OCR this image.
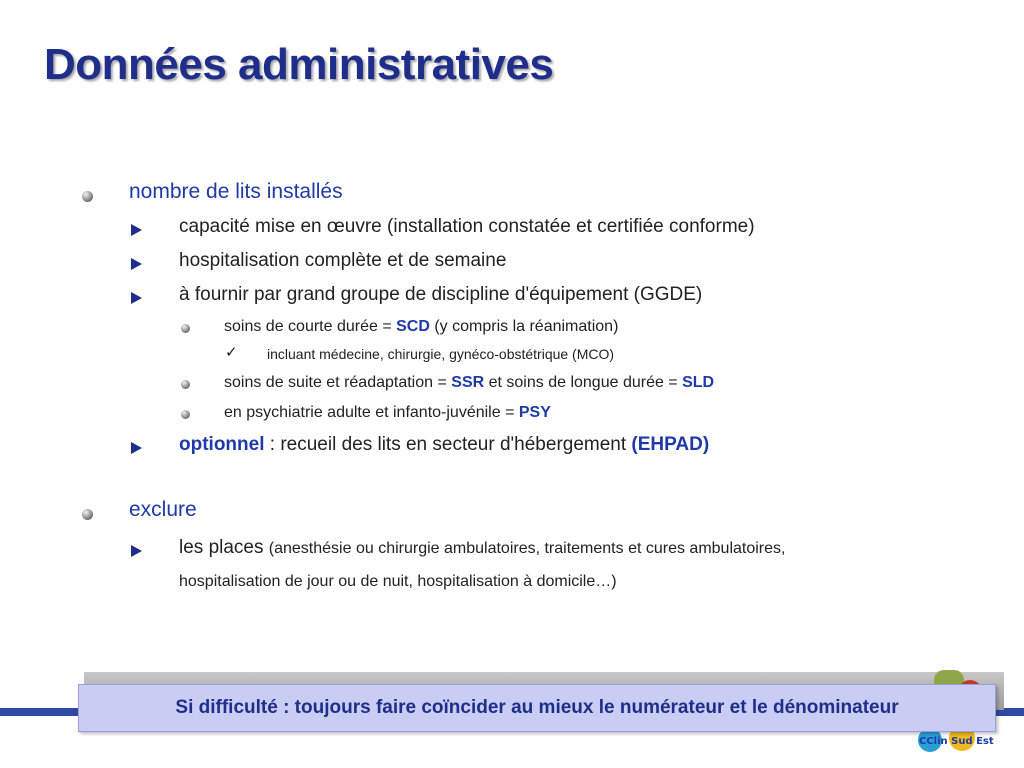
Données administratives
nombre de lits installés
capacité mise en œuvre (installation constatée et certifiée conforme)
hospitalisation complète et de semaine
à fournir par grand groupe de discipline d'équipement (GGDE)
soins de courte durée = SCD (y compris la réanimation)
✓ incluant médecine, chirurgie, gynéco-obstétrique (MCO)
soins de suite et réadaptation = SSR et soins de longue durée = SLD
en psychiatrie adulte et infanto-juvénile = PSY
optionnel : recueil des lits en secteur d'hébergement (EHPAD)
exclure
les places (anesthésie ou chirurgie ambulatoires, traitements et cures ambulatoires,
hospitalisation de jour ou de nuit, hospitalisation à domicile…)
CClin Sud Est
Si difficulté : toujours faire coïncider au mieux le numérateur et le dénominateur
